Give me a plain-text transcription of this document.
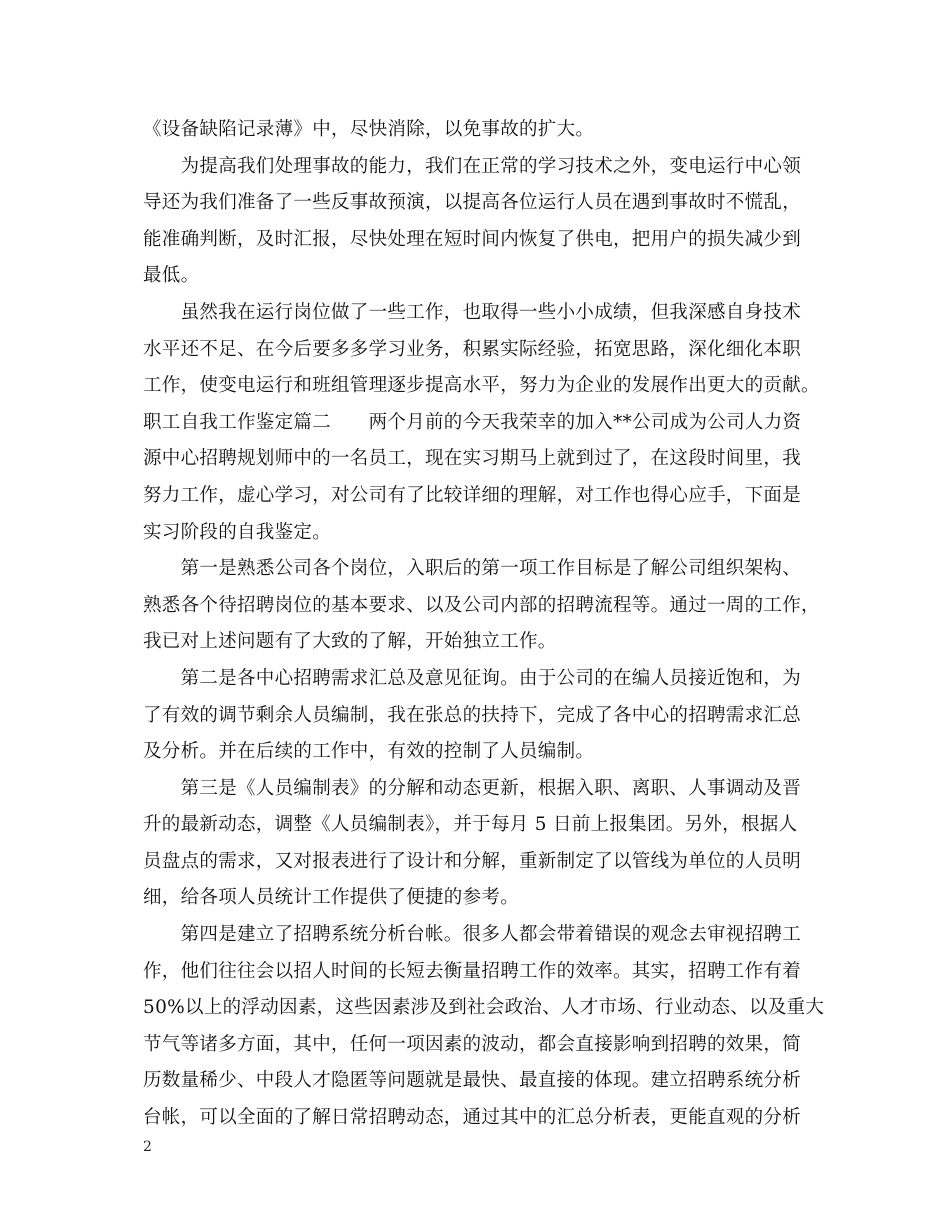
《设备缺陷记录薄》中，尽快消除，以免事故的扩大。
　　为提高我们处理事故的能力，我们在正常的学习技术之外，变电运行中心领
导还为我们准备了一些反事故预演，以提高各位运行人员在遇到事故时不慌乱，
能准确判断，及时汇报，尽快处理在短时间内恢复了供电，把用户的损失减少到
最低。
　　虽然我在运行岗位做了一些工作，也取得一些小小成绩，但我深感自身技术
水平还不足、在今后要多多学习业务，积累实际经验，拓宽思路，深化细化本职
工作，使变电运行和班组管理逐步提高水平，努力为企业的发展作出更大的贡献。
职工自我工作鉴定篇二　　两个月前的今天我荣幸的加入**公司成为公司人力资
源中心招聘规划师中的一名员工，现在实习期马上就到过了，在这段时间里，我
努力工作，虚心学习，对公司有了比较详细的理解，对工作也得心应手，下面是
实习阶段的自我鉴定。
　　第一是熟悉公司各个岗位，入职后的第一项工作目标是了解公司组织架构、
熟悉各个待招聘岗位的基本要求、以及公司内部的招聘流程等。通过一周的工作，
我已对上述问题有了大致的了解，开始独立工作。
　　第二是各中心招聘需求汇总及意见征询。由于公司的在编人员接近饱和，为
了有效的调节剩余人员编制，我在张总的扶持下，完成了各中心的招聘需求汇总
及分析。并在后续的工作中，有效的控制了人员编制。
　　第三是《人员编制表》的分解和动态更新，根据入职、离职、人事调动及晋
升的最新动态，调整《人员编制表》，并于每月 5 日前上报集团。另外，根据人
员盘点的需求，又对报表进行了设计和分解，重新制定了以管线为单位的人员明
细，给各项人员统计工作提供了便捷的参考。
　　第四是建立了招聘系统分析台帐。很多人都会带着错误的观念去审视招聘工
作，他们往往会以招人时间的长短去衡量招聘工作的效率。其实，招聘工作有着
50%以上的浮动因素，这些因素涉及到社会政治、人才市场、行业动态、以及重大
节气等诸多方面，其中，任何一项因素的波动，都会直接影响到招聘的效果，简
历数量稀少、中段人才隐匿等问题就是最快、最直接的体现。建立招聘系统分析
台帐，可以全面的了解日常招聘动态，通过其中的汇总分析表，更能直观的分析
2
